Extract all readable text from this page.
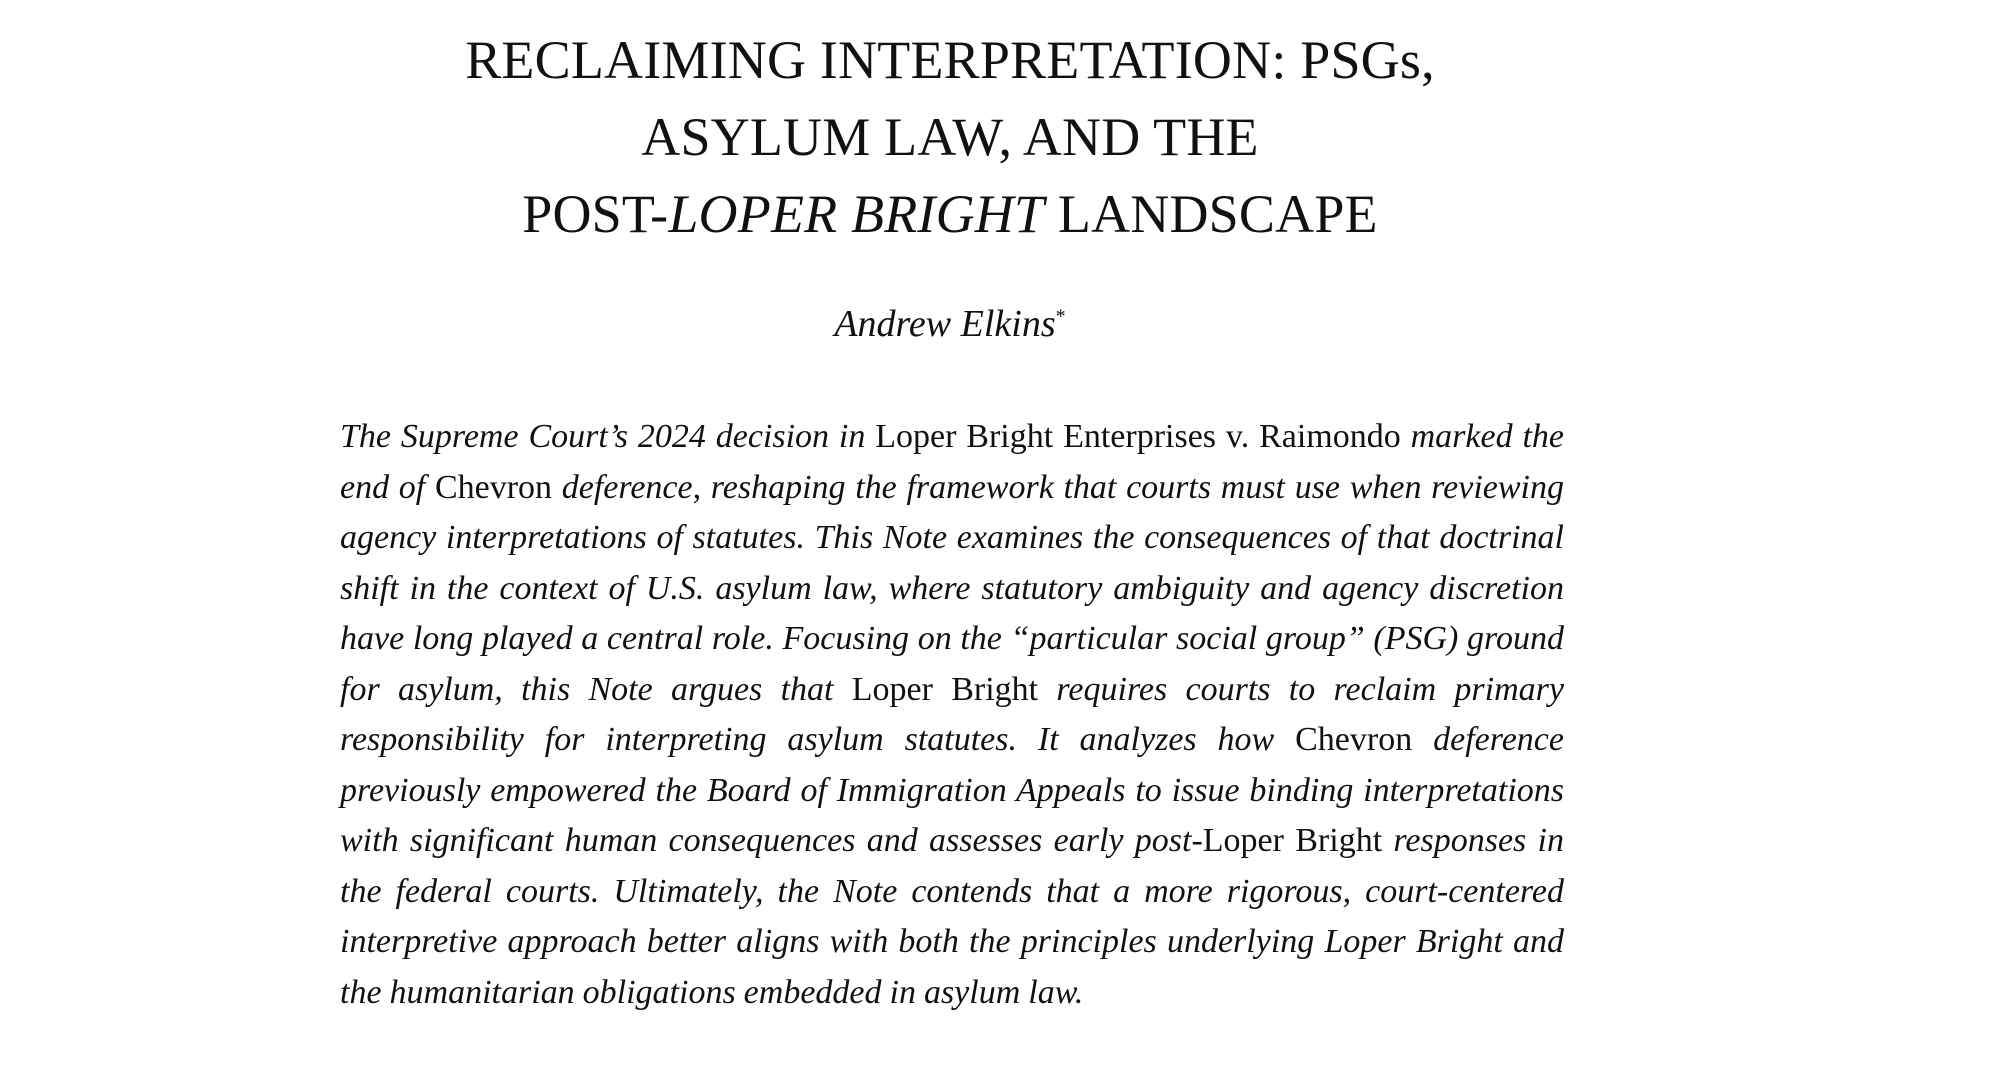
RECLAIMING INTERPRETATION: PSGs,
ASYLUM LAW, AND THE
POST-LOPER BRIGHT LANDSCAPE
Andrew Elkins*

The Supreme Court’s 2024 decision in Loper Bright Enterprises v. Raimondo marked the end of Chevron deference, reshaping the framework that courts must use when reviewing agency interpretations of statutes. This Note examines the consequences of that doctrinal shift in the context of U.S. asylum law, where statutory ambiguity and agency discretion have long played a central role. Focusing on the “particular social group” (PSG) ground for asylum, this Note argues that Loper Bright requires courts to reclaim primary responsibility for interpreting asylum statutes. It analyzes how Chevron deference previously empowered the Board of Immigration Appeals to issue binding interpretations with significant human consequences and assesses early post-Loper Bright responses in the federal courts. Ultimately, the Note contends that a more rigorous, court-centered interpretive approach better aligns with both the principles underlying Loper Bright and the humanitarian obligations embedded in asylum law.
